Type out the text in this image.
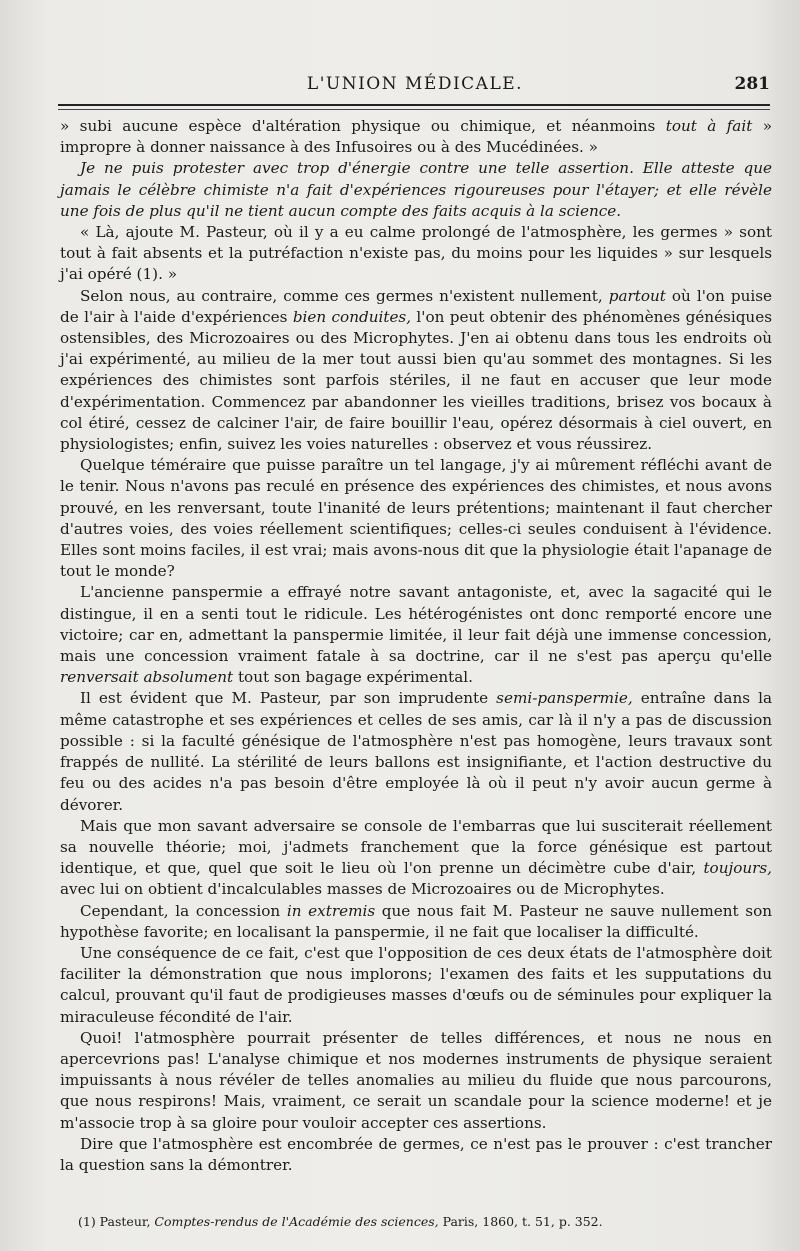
L'UNION MÉDICALE.	281

» subi aucune espèce d'altération physique ou chimique, et néanmoins tout à fait » impropre à donner naissance à des Infusoires ou à des Mucédinées. »

Je ne puis protester avec trop d'énergie contre une telle assertion. Elle atteste que jamais le célèbre chimiste n'a fait d'expériences rigoureuses pour l'étayer; et elle révèle une fois de plus qu'il ne tient aucun compte des faits acquis à la science.

« Là, ajoute M. Pasteur, où il y a eu calme prolongé de l'atmosphère, les germes » sont tout à fait absents et la putréfaction n'existe pas, du moins pour les liquides » sur lesquels j'ai opéré (1). »

Selon nous, au contraire, comme ces germes n'existent nullement, partout où l'on puise de l'air à l'aide d'expériences bien conduites, l'on peut obtenir des phénomènes génésiques ostensibles, des Microzoaires ou des Microphytes. J'en ai obtenu dans tous les endroits où j'ai expérimenté, au milieu de la mer tout aussi bien qu'au sommet des montagnes. Si les expériences des chimistes sont parfois stériles, il ne faut en accuser que leur mode d'expérimentation. Commencez par abandonner les vieilles traditions, brisez vos bocaux à col étiré, cessez de calciner l'air, de faire bouillir l'eau, opérez désormais à ciel ouvert, en physiologistes; enfin, suivez les voies naturelles : observez et vous réussirez.

Quelque téméraire que puisse paraître un tel langage, j'y ai mûrement réfléchi avant de le tenir. Nous n'avons pas reculé en présence des expériences des chimistes, et nous avons prouvé, en les renversant, toute l'inanité de leurs prétentions; maintenant il faut chercher d'autres voies, des voies réellement scientifiques; celles-ci seules conduisent à l'évidence. Elles sont moins faciles, il est vrai; mais avons-nous dit que la physiologie était l'apanage de tout le monde?

L'ancienne panspermie a effrayé notre savant antagoniste, et, avec la sagacité qui le distingue, il en a senti tout le ridicule. Les hétérogénistes ont donc remporté encore une victoire; car en, admettant la panspermie limitée, il leur fait déjà une immense concession, mais une concession vraiment fatale à sa doctrine, car il ne s'est pas aperçu qu'elle renversait absolument tout son bagage expérimental.

Il est évident que M. Pasteur, par son imprudente semi-panspermie, entraîne dans la même catastrophe et ses expériences et celles de ses amis, car là il n'y a pas de discussion possible : si la faculté génésique de l'atmosphère n'est pas homogène, leurs travaux sont frappés de nullité. La stérilité de leurs ballons est insignifiante, et l'action destructive du feu ou des acides n'a pas besoin d'être employée là où il peut n'y avoir aucun germe à dévorer.

Mais que mon savant adversaire se console de l'embarras que lui susciterait réellement sa nouvelle théorie; moi, j'admets franchement que la force génésique est partout identique, et que, quel que soit le lieu où l'on prenne un décimètre cube d'air, toujours, avec lui on obtient d'incalculables masses de Microzoaires ou de Microphytes.

Cependant, la concession in extremis que nous fait M. Pasteur ne sauve nullement son hypothèse favorite; en localisant la panspermie, il ne fait que localiser la difficulté.

Une conséquence de ce fait, c'est que l'opposition de ces deux états de l'atmosphère doit faciliter la démonstration que nous implorons; l'examen des faits et les supputations du calcul, prouvant qu'il faut de prodigieuses masses d'œufs ou de séminules pour expliquer la miraculeuse fécondité de l'air.

Quoi! l'atmosphère pourrait présenter de telles différences, et nous ne nous en apercevrions pas! L'analyse chimique et nos modernes instruments de physique seraient impuissants à nous révéler de telles anomalies au milieu du fluide que nous parcourons, que nous respirons! Mais, vraiment, ce serait un scandale pour la science moderne! et je m'associe trop à sa gloire pour vouloir accepter ces assertions.

Dire que l'atmosphère est encombrée de germes, ce n'est pas le prouver : c'est trancher la question sans la démontrer.

(1) Pasteur, Comptes-rendus de l'Académie des sciences, Paris, 1860, t. 51, p. 352.
